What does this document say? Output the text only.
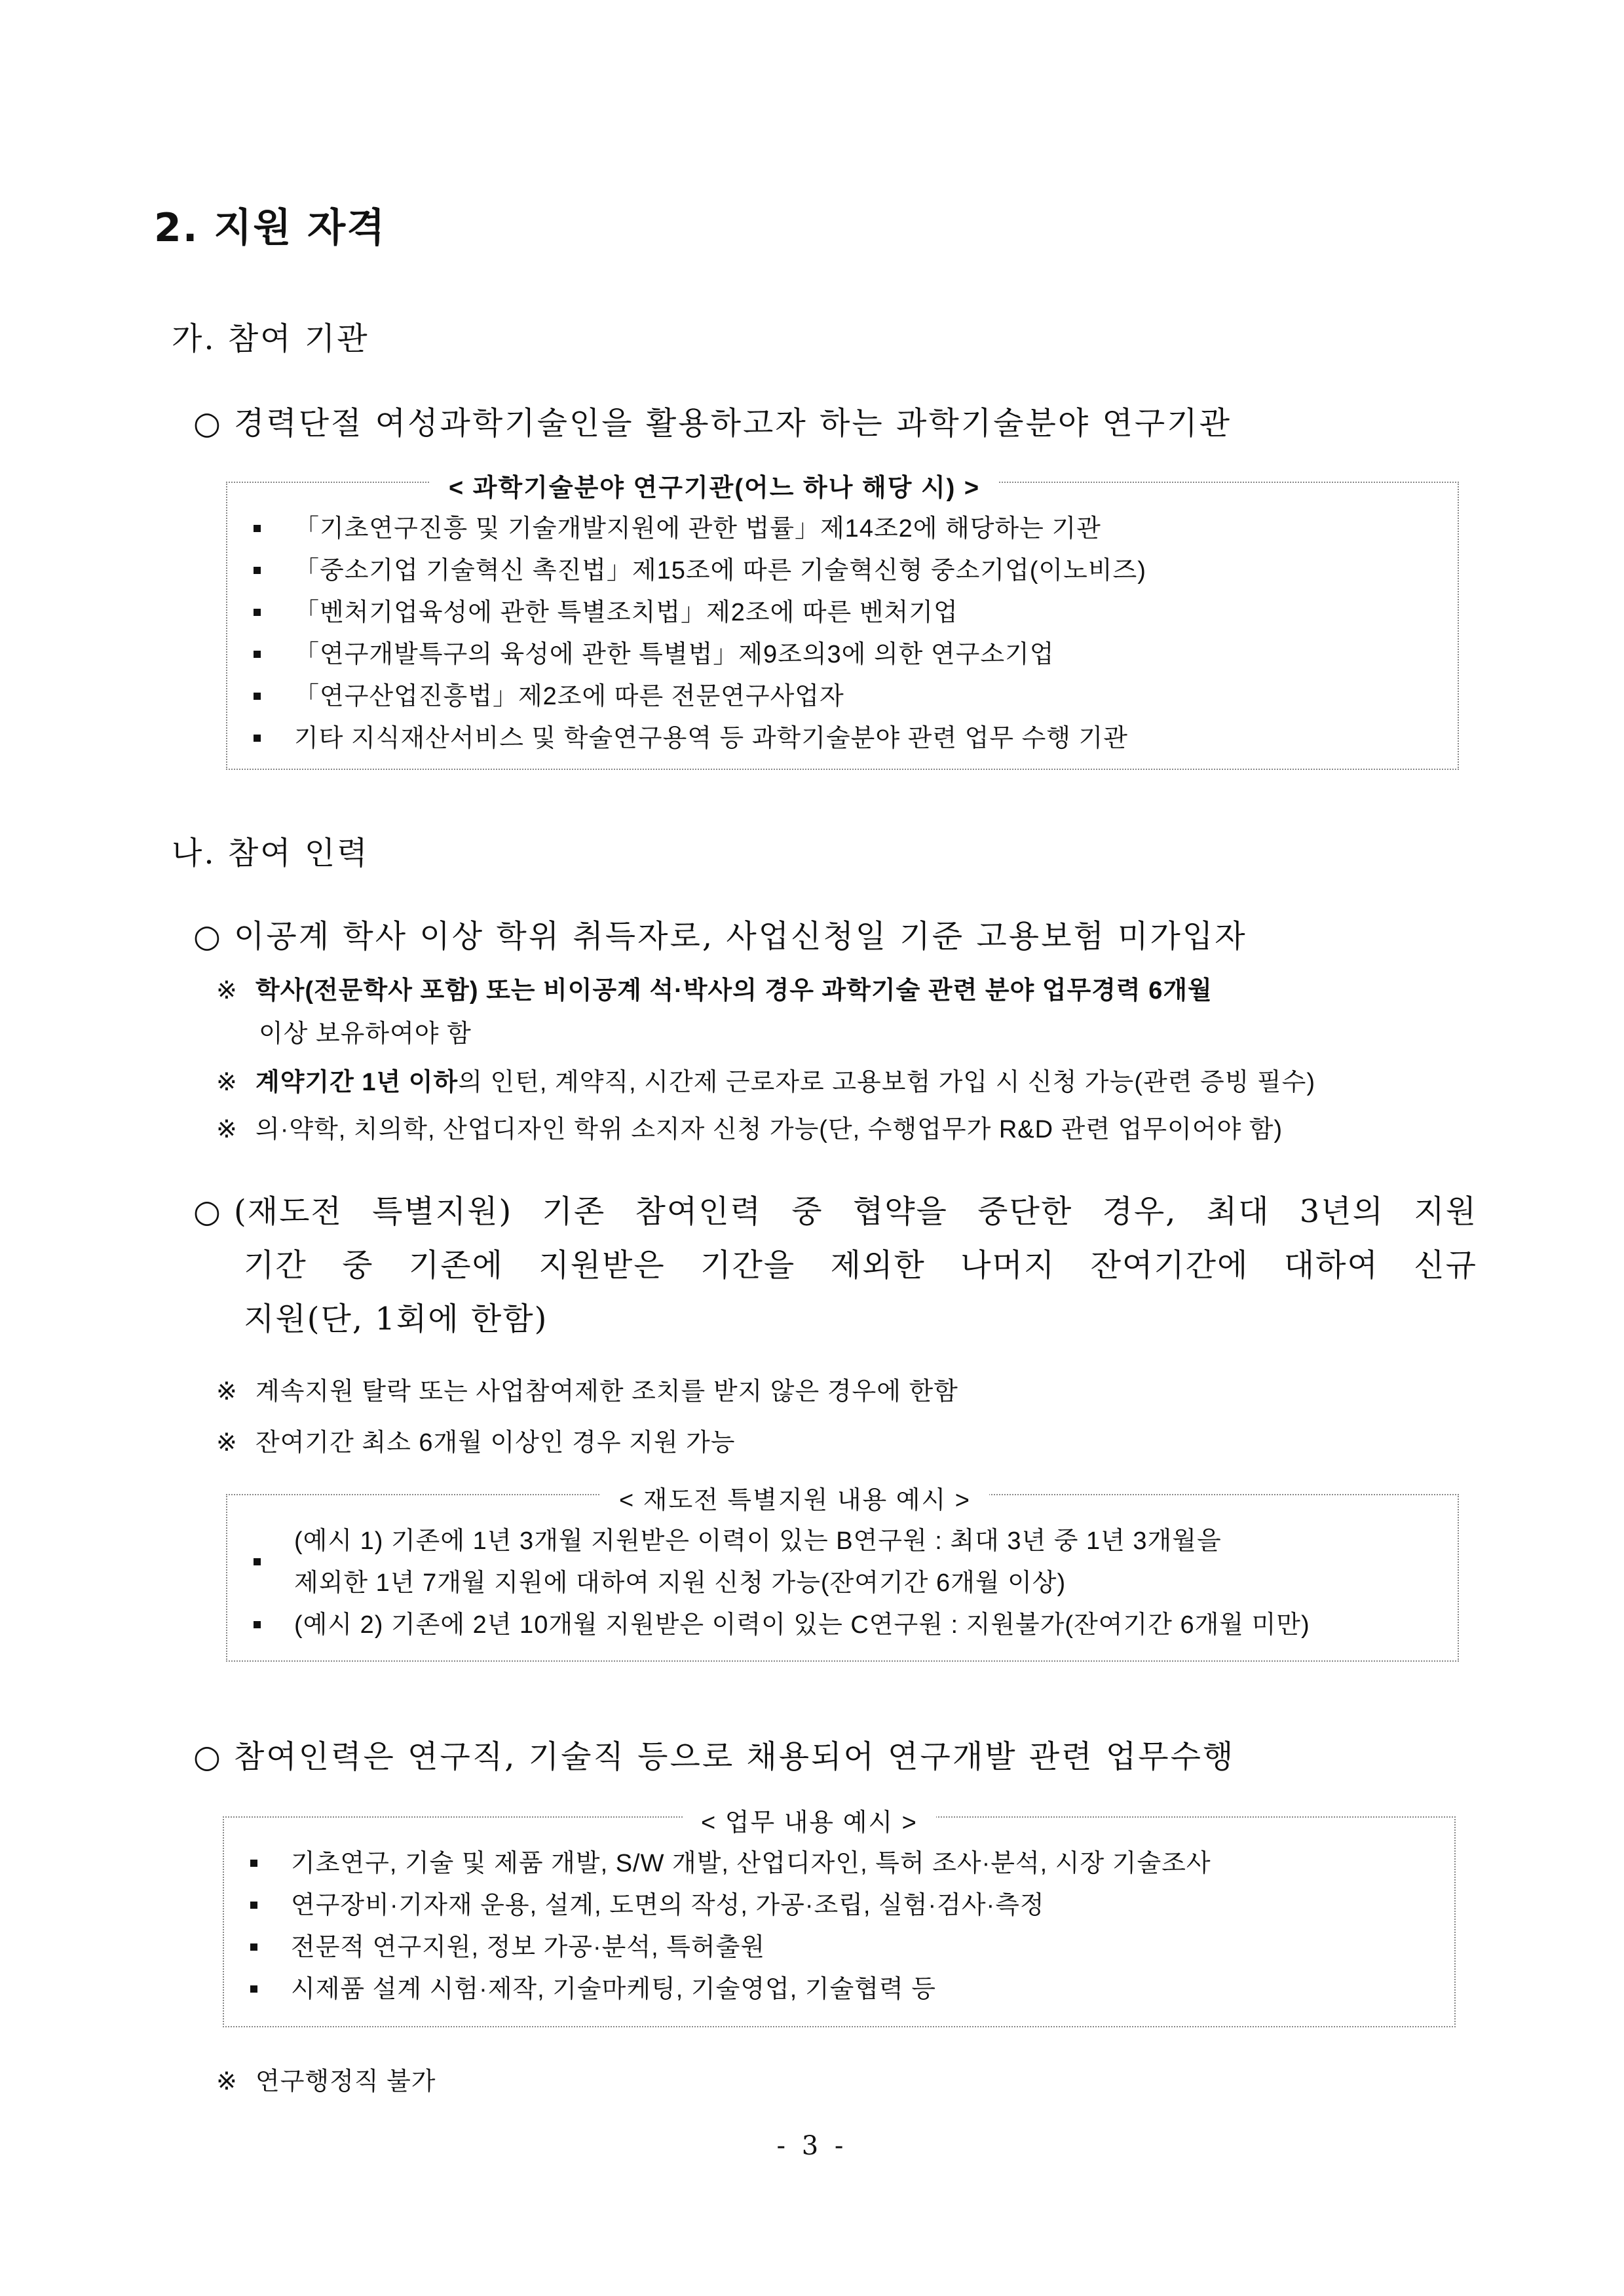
2. 지원 자격
가. 참여 기관
○ 경력단절 여성과학기술인을 활용하고자 하는 과학기술분야 연구기관
< 과학기술분야 연구기관(어느 하나 해당 시) >
「기초연구진흥 및 기술개발지원에 관한 법률」제14조2에 해당하는 기관
「중소기업 기술혁신 촉진법」제15조에 따른 기술혁신형 중소기업(이노비즈)
「벤처기업육성에 관한 특별조치법」제2조에 따른 벤처기업
「연구개발특구의 육성에 관한 특별법」제9조의3에 의한 연구소기업
「연구산업진흥법」제2조에 따른 전문연구사업자
기타 지식재산서비스 및 학술연구용역 등 과학기술분야 관련 업무 수행 기관
나. 참여 인력
○ 이공계 학사 이상 학위 취득자로, 사업신청일 기준 고용보험 미가입자
※ 학사(전문학사 포함) 또는 비이공계 석·박사의 경우 과학기술 관련 분야 업무경력 6개월
이상 보유하여야 함
※ 계약기간 1년 이하의 인턴, 계약직, 시간제 근로자로 고용보험 가입 시 신청 가능(관련 증빙 필수)
※ 의·약학, 치의학, 산업디자인 학위 소지자 신청 가능(단, 수행업무가 R&D 관련 업무이어야 함)
○ (재도전 특별지원) 기존 참여인력 중 협약을 중단한 경우, 최대 3년의 지원
기간 중 기존에 지원받은 기간을 제외한 나머지 잔여기간에 대하여 신규
지원(단, 1회에 한함)
※ 계속지원 탈락 또는 사업참여제한 조치를 받지 않은 경우에 한함
※ 잔여기간 최소 6개월 이상인 경우 지원 가능
< 재도전 특별지원 내용 예시 >
(예시 1) 기존에 1년 3개월 지원받은 이력이 있는 B연구원 : 최대 3년 중 1년 3개월을
제외한 1년 7개월 지원에 대하여 지원 신청 가능(잔여기간 6개월 이상)
(예시 2) 기존에 2년 10개월 지원받은 이력이 있는 C연구원 : 지원불가(잔여기간 6개월 미만)
○ 참여인력은 연구직, 기술직 등으로 채용되어 연구개발 관련 업무수행
< 업무 내용 예시 >
기초연구, 기술 및 제품 개발, S/W 개발, 산업디자인, 특허 조사·분석, 시장 기술조사
연구장비·기자재 운용, 설계, 도면의 작성, 가공·조립, 실험·검사·측정
전문적 연구지원, 정보 가공·분석, 특허출원
시제품 설계 시험·제작, 기술마케팅, 기술영업, 기술협력 등
※ 연구행정직 불가
- 3 -
